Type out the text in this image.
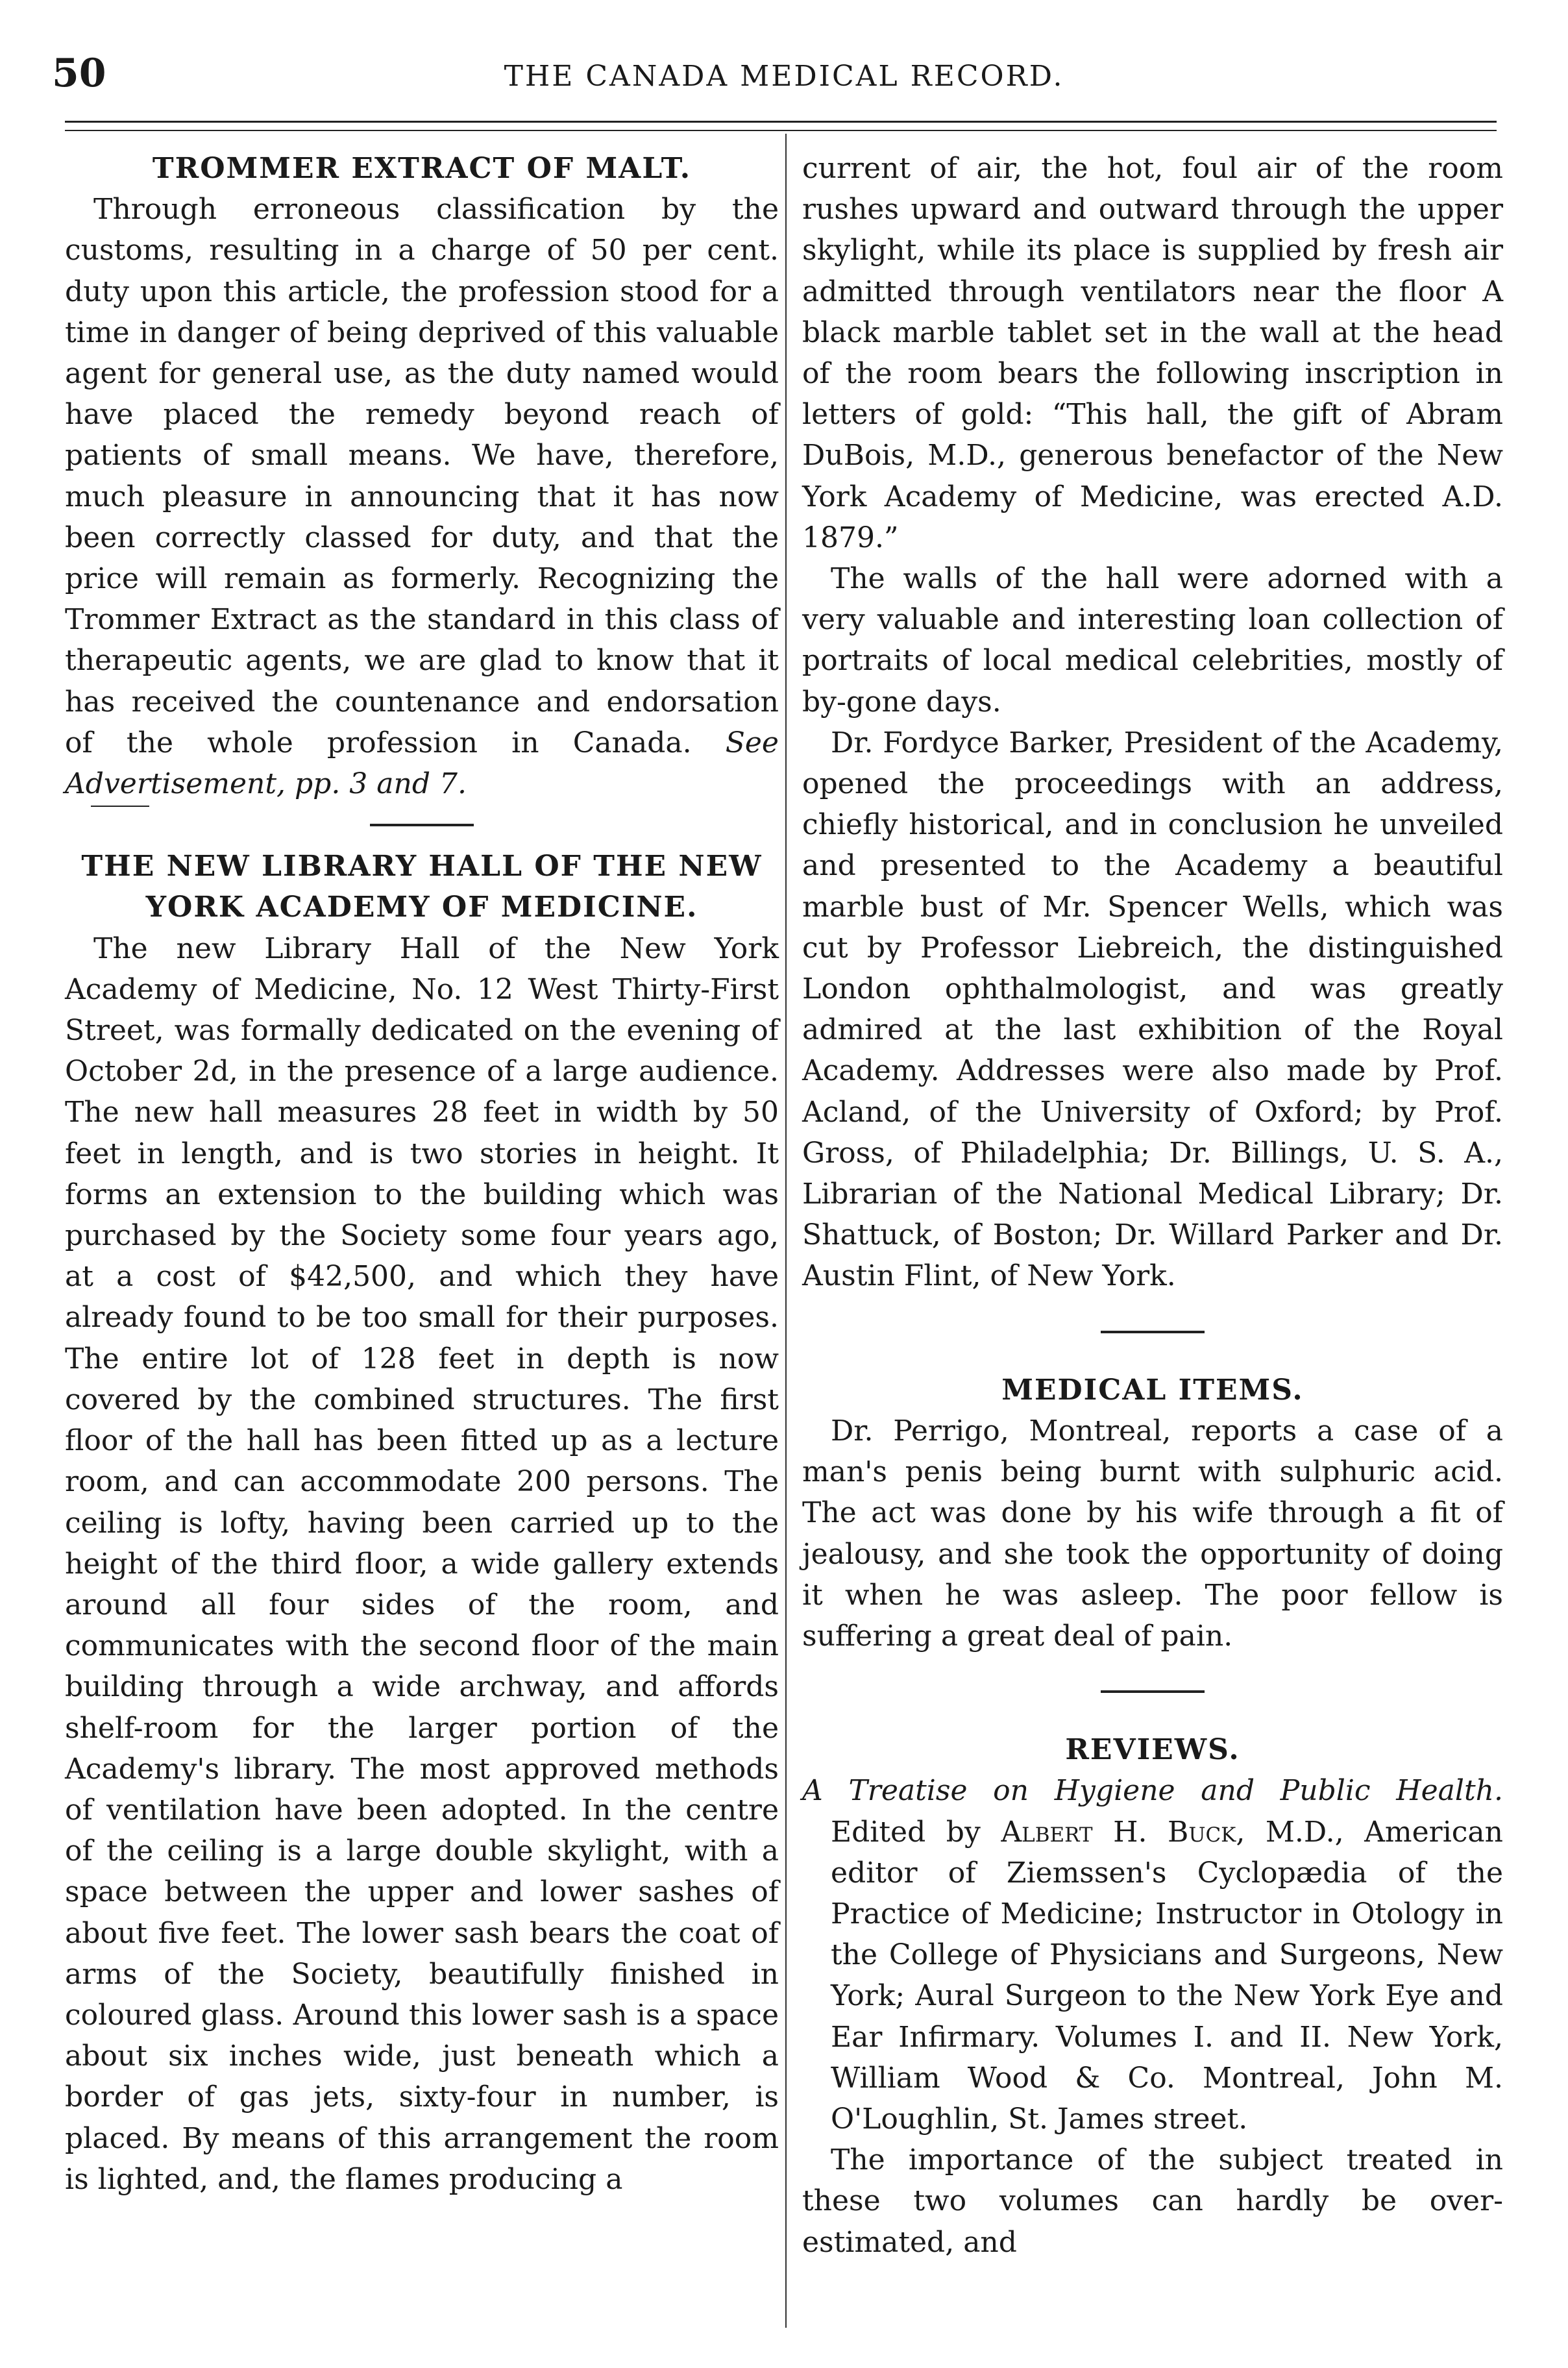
50	THE CANADA MEDICAL RECORD.
TROMMER EXTRACT OF MALT.

Through erroneous classification by the customs, resulting in a charge of 50 per cent. duty upon this article, the profession stood for a time in danger of being deprived of this valuable agent for general use, as the duty named would have placed the remedy beyond reach of patients of small means. We have, therefore, much pleasure in announcing that it has now been correctly classed for duty, and that the price will remain as formerly. Recognizing the Trommer Extract as the standard in this class of therapeutic agents, we are glad to know that it has received the countenance and endorsation of the whole profession in Canada. See Advertisement, pp. 3 and 7.

THE NEW LIBRARY HALL OF THE NEW YORK ACADEMY OF MEDICINE.

The new Library Hall of the New York Academy of Medicine, No. 12 West Thirty-First Street, was formally dedicated on the evening of October 2d, in the presence of a large audience. The new hall measures 28 feet in width by 50 feet in length, and is two stories in height. It forms an extension to the building which was purchased by the Society some four years ago, at a cost of $42,500, and which they have already found to be too small for their purposes. The entire lot of 128 feet in depth is now covered by the combined structures. The first floor of the hall has been fitted up as a lecture room, and can accommodate 200 persons. The ceiling is lofty, having been carried up to the height of the third floor, a wide gallery extends around all four sides of the room, and communicates with the second floor of the main building through a wide archway, and affords shelf-room for the larger portion of the Academy's library. The most approved methods of ventilation have been adopted. In the centre of the ceiling is a large double skylight, with a space between the upper and lower sashes of about five feet. The lower sash bears the coat of arms of the Society, beautifully finished in coloured glass. Around this lower sash is a space about six inches wide, just beneath which a border of gas jets, sixty-four in number, is placed. By means of this arrangement the room is lighted, and, the flames producing a

current of air, the hot, foul air of the room rushes upward and outward through the upper skylight, while its place is supplied by fresh air admitted through ventilators near the floor A black marble tablet set in the wall at the head of the room bears the following inscription in letters of gold: “This hall, the gift of Abram DuBois, M.D., generous benefactor of the New York Academy of Medicine, was erected A.D. 1879.”

The walls of the hall were adorned with a very valuable and interesting loan collection of portraits of local medical celebrities, mostly of by-gone days.

Dr. Fordyce Barker, President of the Academy, opened the proceedings with an address, chiefly historical, and in conclusion he unveiled and presented to the Academy a beautiful marble bust of Mr. Spencer Wells, which was cut by Professor Liebreich, the distinguished London ophthalmologist, and was greatly admired at the last exhibition of the Royal Academy. Addresses were also made by Prof. Acland, of the University of Oxford; by Prof. Gross, of Philadelphia; Dr. Billings, U. S. A., Librarian of the National Medical Library; Dr. Shattuck, of Boston; Dr. Willard Parker and Dr. Austin Flint, of New York.

MEDICAL ITEMS.

Dr. Perrigo, Montreal, reports a case of a man's penis being burnt with sulphuric acid. The act was done by his wife through a fit of jealousy, and she took the opportunity of doing it when he was asleep. The poor fellow is suffering a great deal of pain.

REVIEWS.

A Treatise on Hygiene and Public Health. Edited by Albert H. Buck, M.D., American editor of Ziemssen's Cyclopædia of the Practice of Medicine; Instructor in Otology in the College of Physicians and Surgeons, New York; Aural Surgeon to the New York Eye and Ear Infirmary. Volumes I. and II. New York, William Wood & Co. Montreal, John M. O'Loughlin, St. James street.

The importance of the subject treated in these two volumes can hardly be over-estimated, and
